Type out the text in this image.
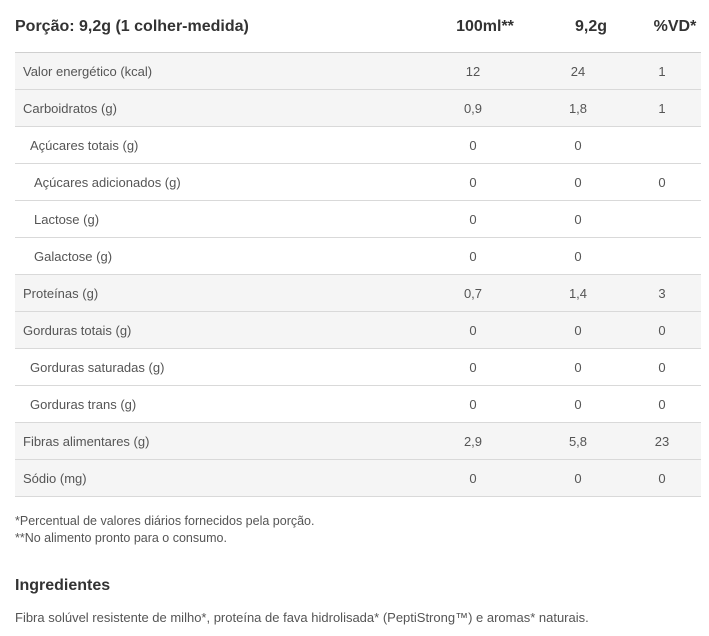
Porção: 9,2g (1 colher-medida)	100ml**	9,2g	%VD*
Valor energético (kcal)	12	24	1
Carboidratos (g)	0,9	1,8	1
Açúcares totais (g)	0	0
Açúcares adicionados (g)	0	0	0
Lactose (g)	0	0
Galactose (g)	0	0
Proteínas (g)	0,7	1,4	3
Gorduras totais (g)	0	0	0
Gorduras saturadas (g)	0	0	0
Gorduras trans (g)	0	0	0
Fibras alimentares (g)	2,9	5,8	23
Sódio (mg)	0	0	0
*Percentual de valores diários fornecidos pela porção.
**No alimento pronto para o consumo.
Ingredientes
Fibra solúvel resistente de milho*, proteína de fava hidrolisada* (PeptiStrong™) e aromas* naturais.
